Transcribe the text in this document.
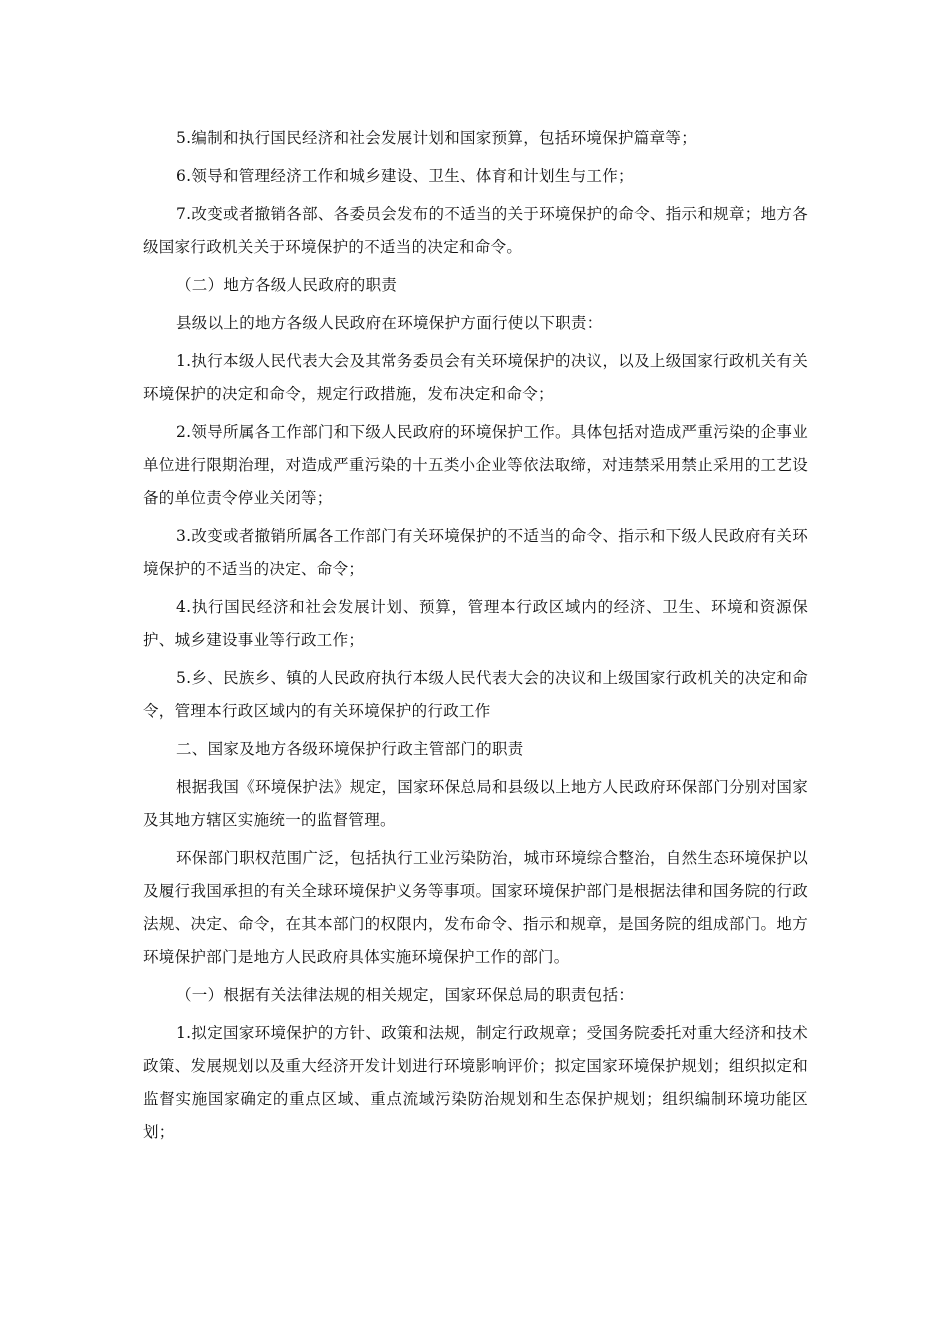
5.编制和执行国民经济和社会发展计划和国家预算，包括环境保护篇章等；

6.领导和管理经济工作和城乡建设、卫生、体育和计划生与工作；

7.改变或者撤销各部、各委员会发布的不适当的关于环境保护的命令、指示和规章；地方各级国家行政机关关于环境保护的不适当的决定和命令。

（二）地方各级人民政府的职责

县级以上的地方各级人民政府在环境保护方面行使以下职责：

1.执行本级人民代表大会及其常务委员会有关环境保护的决议，以及上级国家行政机关有关环境保护的决定和命令，规定行政措施，发布决定和命令；

2.领导所属各工作部门和下级人民政府的环境保护工作。具体包括对造成严重污染的企事业单位进行限期治理，对造成严重污染的十五类小企业等依法取缔，对违禁采用禁止采用的工艺设备的单位责令停业关闭等；

3.改变或者撤销所属各工作部门有关环境保护的不适当的命令、指示和下级人民政府有关环境保护的不适当的决定、命令；

4.执行国民经济和社会发展计划、预算，管理本行政区域内的经济、卫生、环境和资源保护、城乡建设事业等行政工作；

5.乡、民族乡、镇的人民政府执行本级人民代表大会的决议和上级国家行政机关的决定和命令，管理本行政区域内的有关环境保护的行政工作

二、国家及地方各级环境保护行政主管部门的职责

根据我国《环境保护法》规定，国家环保总局和县级以上地方人民政府环保部门分别对国家及其地方辖区实施统一的监督管理。

环保部门职权范围广泛，包括执行工业污染防治，城市环境综合整治，自然生态环境保护以及履行我国承担的有关全球环境保护义务等事项。国家环境保护部门是根据法律和国务院的行政法规、决定、命令，在其本部门的权限内，发布命令、指示和规章，是国务院的组成部门。地方环境保护部门是地方人民政府具体实施环境保护工作的部门。

（一）根据有关法律法规的相关规定，国家环保总局的职责包括：

1.拟定国家环境保护的方针、政策和法规，制定行政规章；受国务院委托对重大经济和技术政策、发展规划以及重大经济开发计划进行环境影响评价；拟定国家环境保护规划；组织拟定和监督实施国家确定的重点区域、重点流域污染防治规划和生态保护规划；组织编制环境功能区划；
